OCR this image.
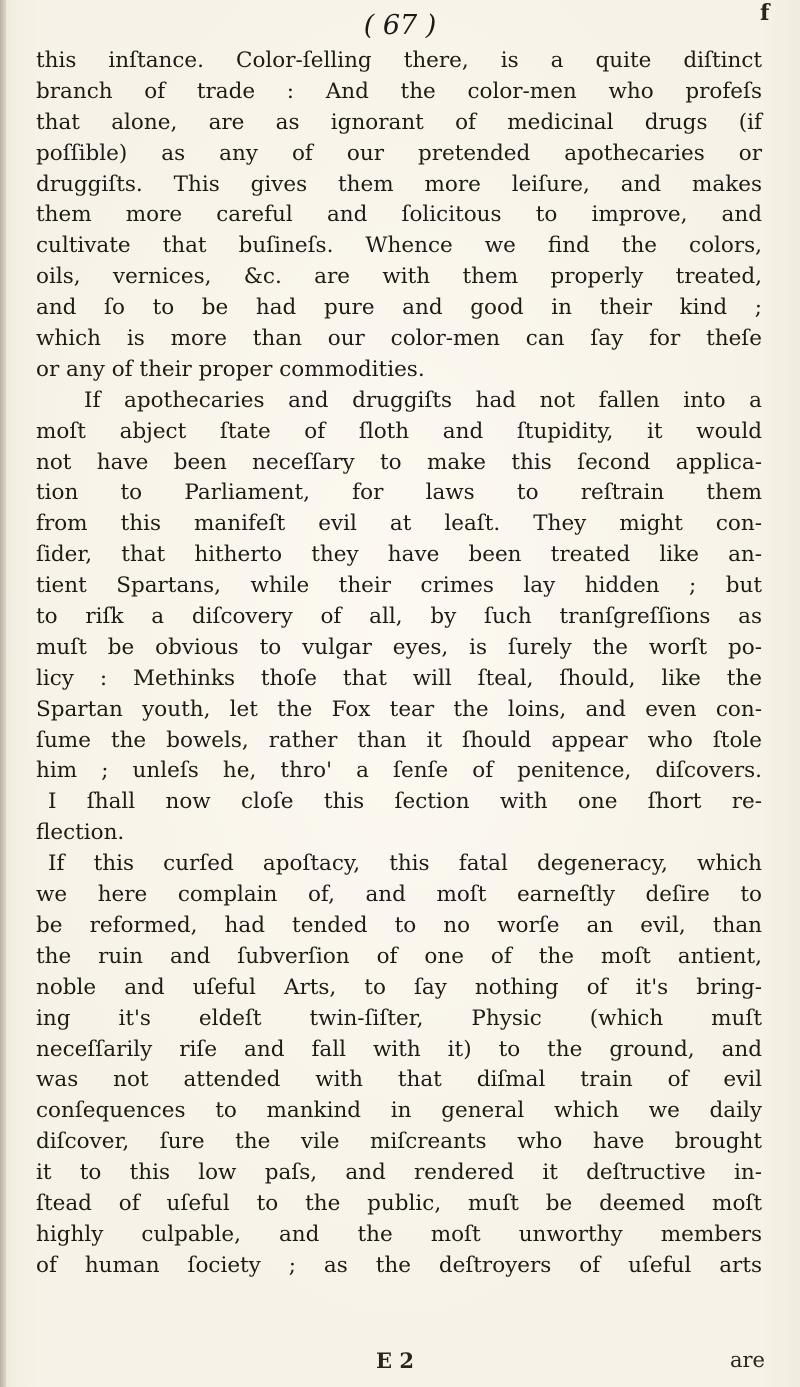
f
( 67 )
this inſtance. Color-ſelling there, is a quite diſtinct
branch of trade : And the color-men who profeſs
that alone, are as ignorant of medicinal drugs (if
poſſible) as any of our pretended apothecaries or
druggiſts. This gives them more leiſure, and makes
them more careful and ſolicitous to improve, and
cultivate that buſineſs. Whence we find the colors,
oils, vernices, &c. are with them properly treated,
and ſo to be had pure and good in their kind ;
which is more than our color-men can ſay for theſe
or any of their proper commodities.
If apothecaries and druggiſts had not fallen into a
moſt abject ſtate of ſloth and ſtupidity, it would
not have been neceſſary to make this ſecond applica-
tion to Parliament, for laws to reſtrain them
from this manifeſt evil at leaſt. They might con-
ſider, that hitherto they have been treated like an-
tient Spartans, while their crimes lay hidden ; but
to riſk a diſcovery of all, by ſuch tranſgreſſions as
muſt be obvious to vulgar eyes, is ſurely the worſt po-
licy : Methinks thoſe that will ſteal, ſhould, like the
Spartan youth, let the Fox tear the loins, and even con-
ſume the bowels, rather than it ſhould appear who ſtole
him ; unleſs he, thro' a ſenſe of penitence, diſcovers.
I ſhall now cloſe this ſection with one ſhort re-
flection.
If this curſed apoſtacy, this fatal degeneracy, which
we here complain of, and moſt earneſtly deſire to
be reformed, had tended to no worſe an evil, than
the ruin and ſubverſion of one of the moſt antient,
noble and uſeful Arts, to ſay nothing of it's bring-
ing it's eldeſt twin-ſiſter, Physic (which muſt
neceſſarily riſe and fall with it) to the ground, and
was not attended with that diſmal train of evil
conſequences to mankind in general which we daily
diſcover, ſure the vile miſcreants who have brought
it to this low paſs, and rendered it deſtructive in-
ſtead of uſeful to the public, muſt be deemed moſt
highly culpable, and the moſt unworthy members
of human ſociety ; as the deſtroyers of uſeful arts
E 2	are
